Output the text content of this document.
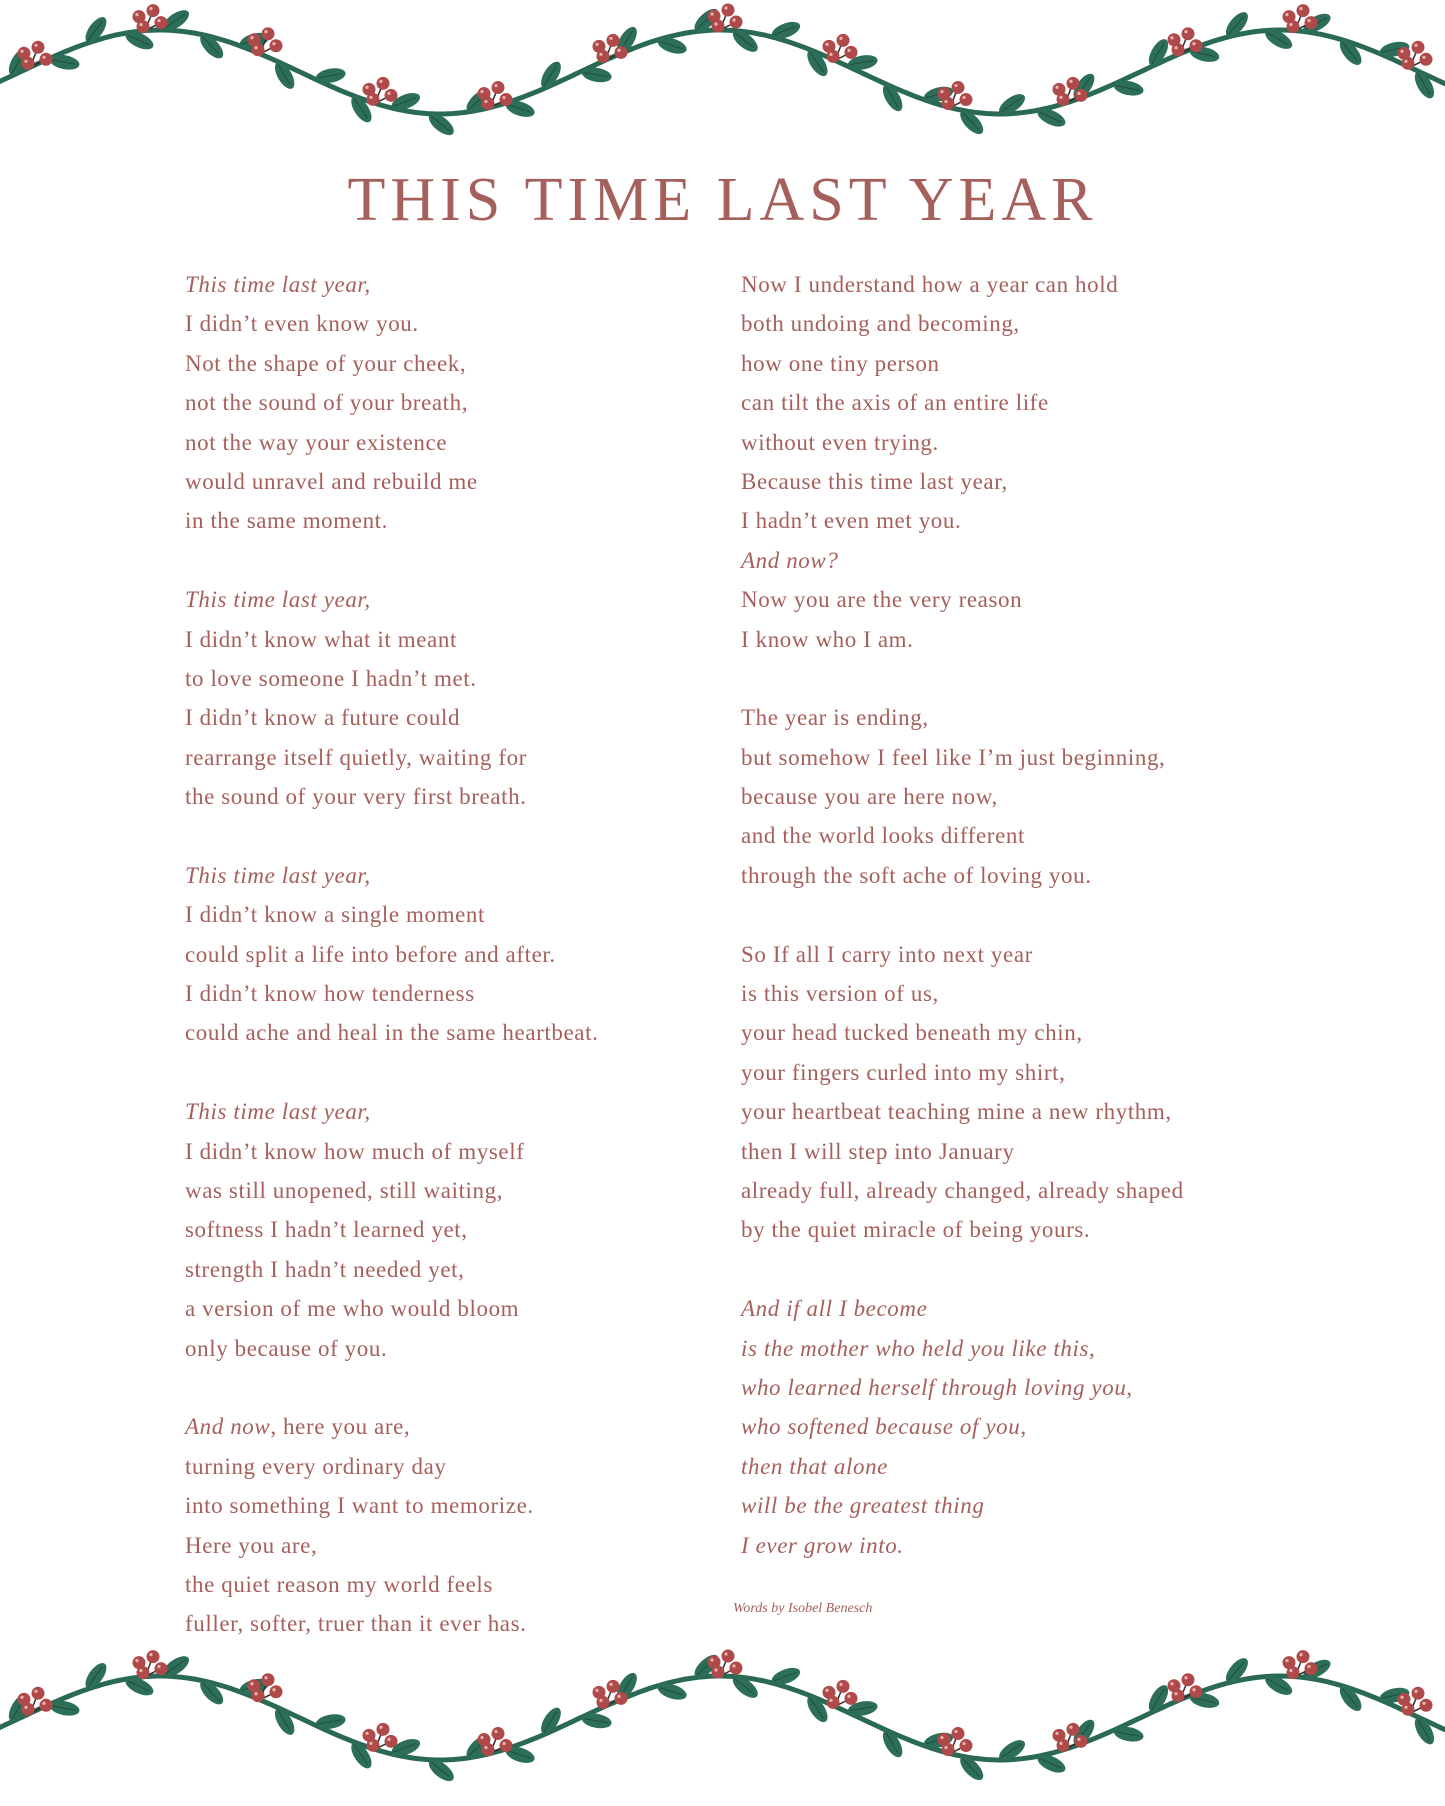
THIS TIME LAST YEAR
This time last year,
I didn’t even know you.
Not the shape of your cheek,
not the sound of your breath,
not the way your existence
would unravel and rebuild me
in the same moment.
This time last year,
I didn’t know what it meant
to love someone I hadn’t met.
I didn’t know a future could
rearrange itself quietly, waiting for
the sound of your very first breath.
This time last year,
I didn’t know a single moment
could split a life into before and after.
I didn’t know how tenderness
could ache and heal in the same heartbeat.
This time last year,
I didn’t know how much of myself
was still unopened, still waiting,
softness I hadn’t learned yet,
strength I hadn’t needed yet,
a version of me who would bloom
only because of you.
And now, here you are,
turning every ordinary day
into something I want to memorize.
Here you are,
the quiet reason my world feels
fuller, softer, truer than it ever has.
Now I understand how a year can hold
both undoing and becoming,
how one tiny person
can tilt the axis of an entire life
without even trying.
Because this time last year,
I hadn’t even met you.
And now?
Now you are the very reason
I know who I am.
The year is ending,
but somehow I feel like I’m just beginning,
because you are here now,
and the world looks different
through the soft ache of loving you.
So If all I carry into next year
is this version of us,
your head tucked beneath my chin,
your fingers curled into my shirt,
your heartbeat teaching mine a new rhythm,
then I will step into January
already full, already changed, already shaped
by the quiet miracle of being yours.
And if all I become
is the mother who held you like this,
who learned herself through loving you,
who softened because of you,
then that alone
will be the greatest thing
I ever grow into.
Words by Isobel Benesch
